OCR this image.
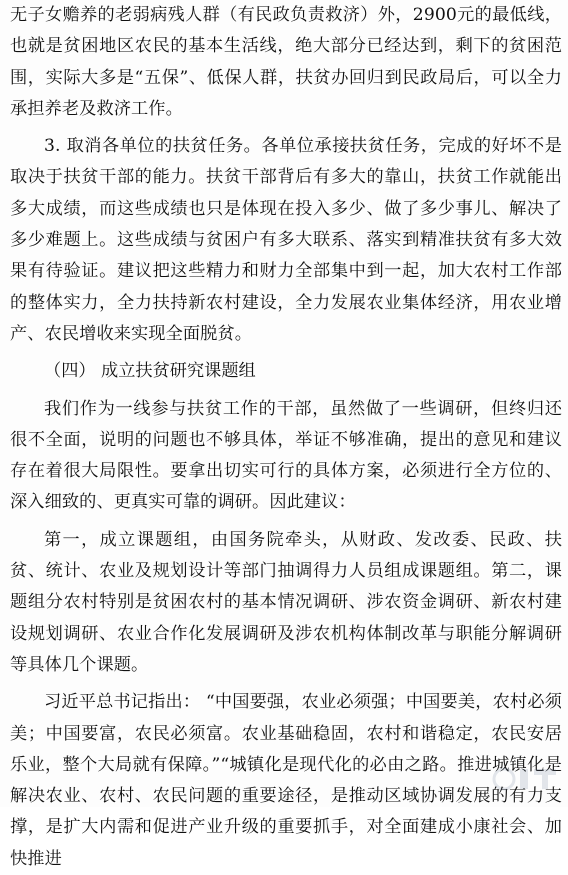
无子女赡养的老弱病残人群（有民政负责救济）外，2900元的最低线，也就是贫困地区农民的基本生活线，绝大部分已经达到，剩下的贫困范围，实际大多是“五保”、低保人群，扶贫办回归到民政局后，可以全力承担养老及救济工作。

3. 取消各单位的扶贫任务。各单位承接扶贫任务，完成的好坏不是取决于扶贫干部的能力。扶贫干部背后有多大的靠山，扶贫工作就能出多大成绩，而这些成绩也只是体现在投入多少、做了多少事儿、解决了多少难题上。这些成绩与贫困户有多大联系、落实到精准扶贫有多大效果有待验证。建议把这些精力和财力全部集中到一起，加大农村工作部的整体实力，全力扶持新农村建设，全力发展农业集体经济，用农业增产、农民增收来实现全面脱贫。

（四） 成立扶贫研究课题组

我们作为一线参与扶贫工作的干部，虽然做了一些调研，但终归还很不全面，说明的问题也不够具体，举证不够准确，提出的意见和建议存在着很大局限性。要拿出切实可行的具体方案，必须进行全方位的、深入细致的、更真实可靠的调研。因此建议：

第一，成立课题组，由国务院牵头，从财政、发改委、民政、扶贫、统计、农业及规划设计等部门抽调得力人员组成课题组。第二，课题组分农村特别是贫困农村的基本情况调研、涉农资金调研、新农村建设规划调研、农业合作化发展调研及涉农机构体制改革与职能分解调研等具体几个课题。

习近平总书记指出： “中国要强，农业必须强；中国要美，农村必须美；中国要富，农民必须富。农业基础稳固，农村和谐稳定，农民安居乐业，整个大局就有保障。”“城镇化是现代化的必由之路。推进城镇化是解决农业、农村、农民问题的重要途径，是推动区域协调发展的有力支撑，是扩大内需和促进产业升级的重要抓手，对全面建成小康社会、加快推进
